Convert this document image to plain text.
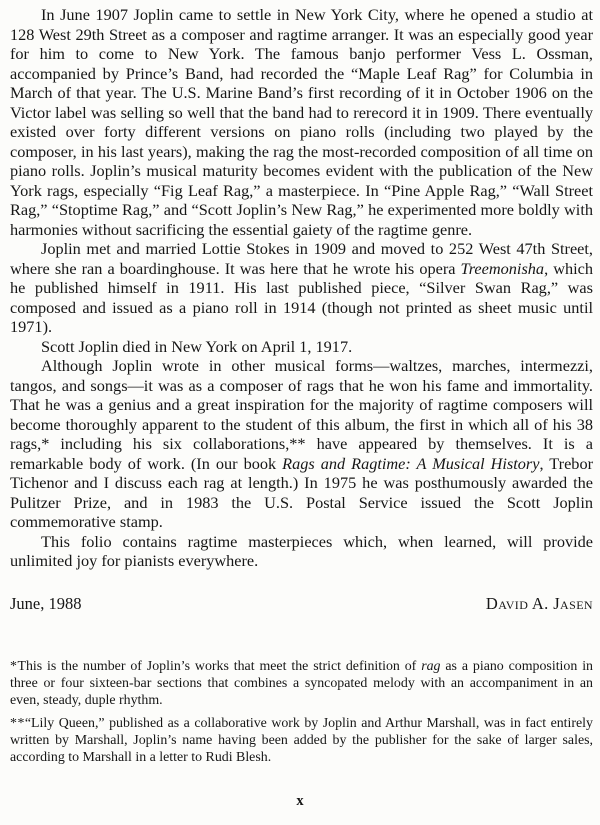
In June 1907 Joplin came to settle in New York City, where he opened a studio at 128 West 29th Street as a composer and ragtime arranger. It was an especially good year for him to come to New York. The famous banjo performer Vess L. Ossman, accompanied by Prince’s Band, had recorded the “Maple Leaf Rag” for Columbia in March of that year. The U.S. Marine Band’s first recording of it in October 1906 on the Victor label was selling so well that the band had to rerecord it in 1909. There eventually existed over forty different versions on piano rolls (including two played by the composer, in his last years), making the rag the most-recorded composition of all time on piano rolls. Joplin’s musical maturity becomes evident with the publication of the New York rags, especially “Fig Leaf Rag,” a masterpiece. In “Pine Apple Rag,” “Wall Street Rag,” “Stoptime Rag,” and “Scott Joplin’s New Rag,” he experimented more boldly with harmonies without sacrificing the essential gaiety of the ragtime genre.

Joplin met and married Lottie Stokes in 1909 and moved to 252 West 47th Street, where she ran a boardinghouse. It was here that he wrote his opera Treemonisha, which he published himself in 1911. His last published piece, “Silver Swan Rag,” was composed and issued as a piano roll in 1914 (though not printed as sheet music until 1971).

Scott Joplin died in New York on April 1, 1917.

Although Joplin wrote in other musical forms—waltzes, marches, intermezzi, tangos, and songs—it was as a composer of rags that he won his fame and immortality. That he was a genius and a great inspiration for the majority of ragtime composers will become thoroughly apparent to the student of this album, the first in which all of his 38 rags,* including his six collaborations,** have appeared by themselves. It is a remarkable body of work. (In our book Rags and Ragtime: A Musical History, Trebor Tichenor and I discuss each rag at length.) In 1975 he was posthumously awarded the Pulitzer Prize, and in 1983 the U.S. Postal Service issued the Scott Joplin commemorative stamp.

This folio contains ragtime masterpieces which, when learned, will provide unlimited joy for pianists everywhere.

June, 1988	David A. Jasen

*This is the number of Joplin’s works that meet the strict definition of rag as a piano composition in three or four sixteen-bar sections that combines a syncopated melody with an accompaniment in an even, steady, duple rhythm.

**“Lily Queen,” published as a collaborative work by Joplin and Arthur Marshall, was in fact entirely written by Marshall, Joplin’s name having been added by the publisher for the sake of larger sales, according to Marshall in a letter to Rudi Blesh.

x
